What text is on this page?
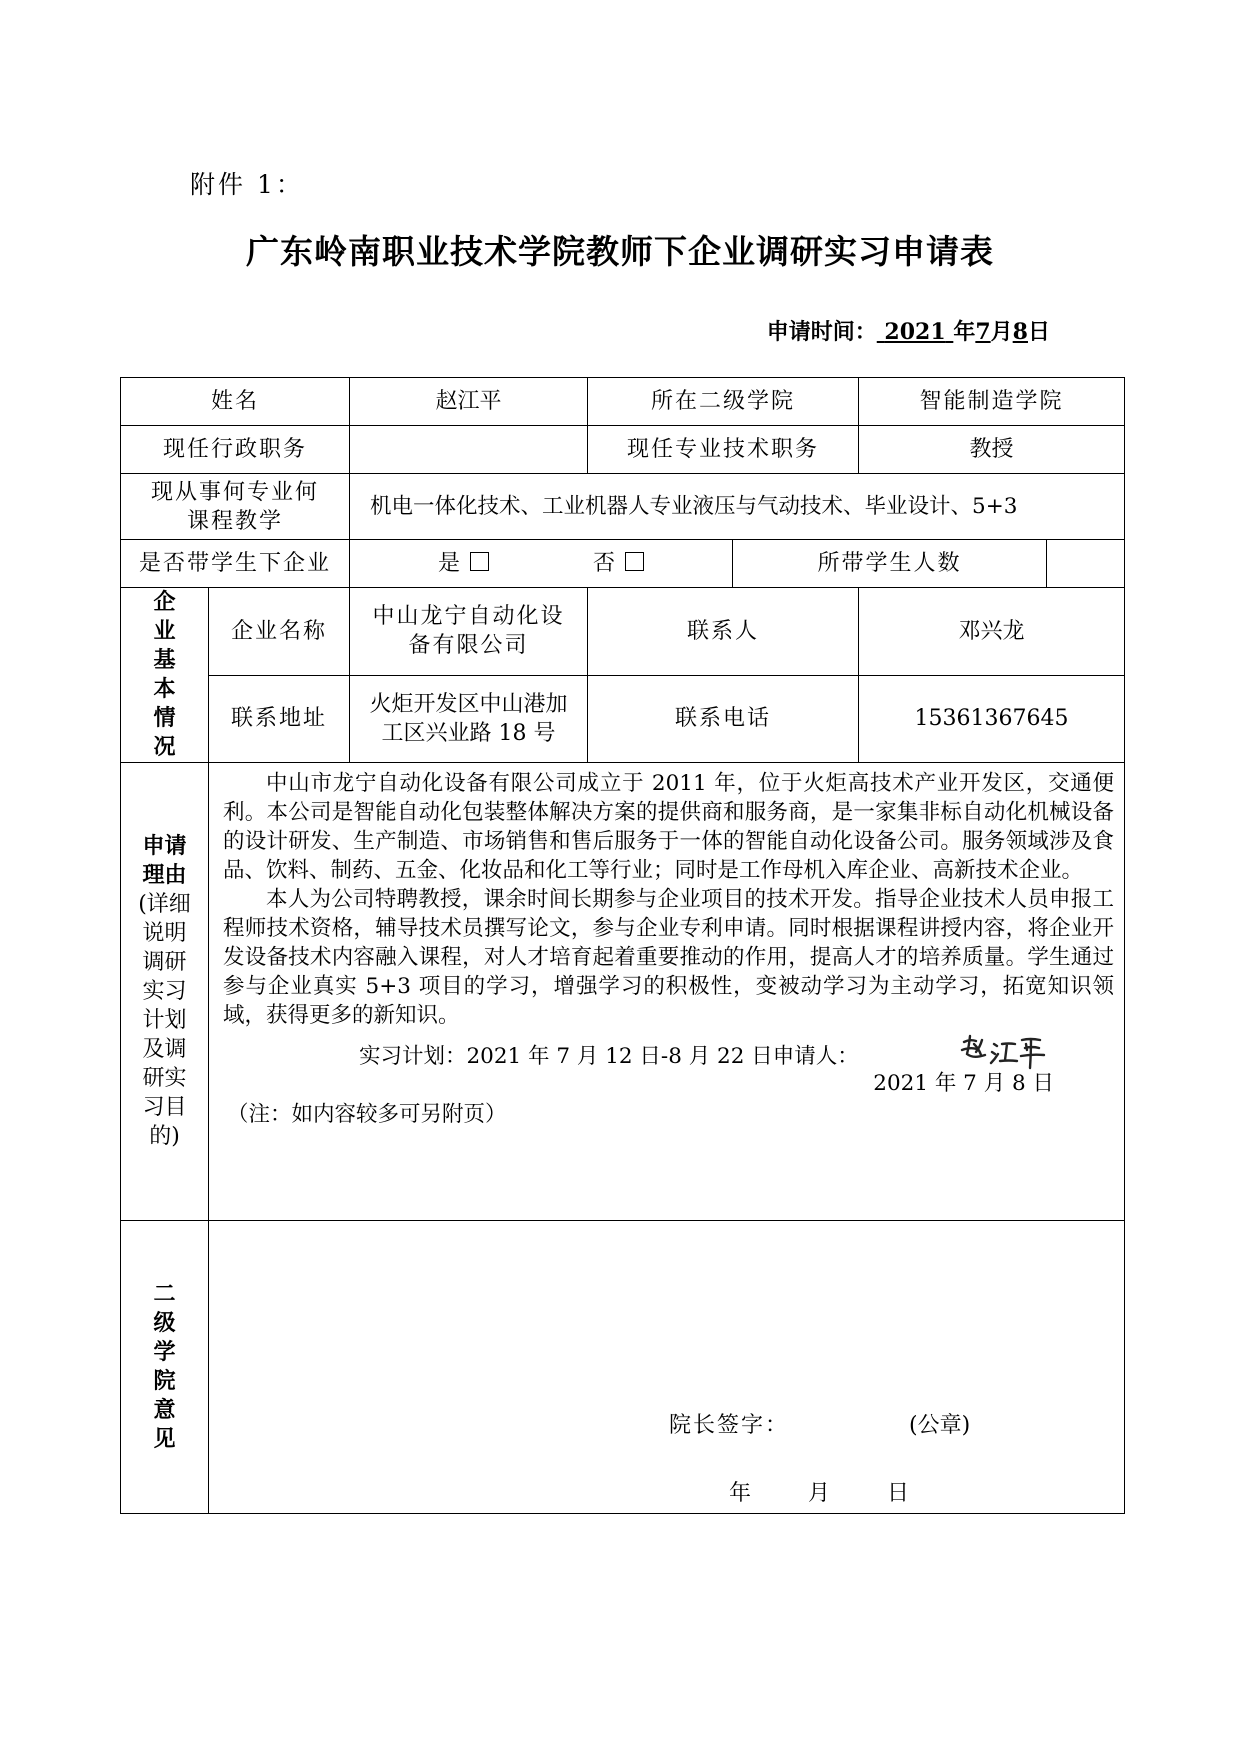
附件 1：
广东岭南职业技术学院教师下企业调研实习申请表
申请时间： 2021 年7月8日
姓名		赵江平	所在二级学院		智能制造学院	
现任行政职务			现任专业技术职务		教授	
现从事何专业何课程教学		机电一体化技术、工业机器人专业液压与气动技术、毕业设计、5+3				
是否带学生下企业		是 否		所带学生人数		
企业基本情况	企业名称	中山龙宁自动化设备有限公司	联系人		邓兴龙	
	联系地址	火炬开发区中山港加工区兴业路 18 号	联系电话		15361367645	
申请理由(详细说明调研实习计划及调研实习目的)	中山市龙宁自动化设备有限公司成立于 2011 年，位于火炬高技术产业开发区，交通便利。本公司是智能自动化包装整体解决方案的提供商和服务商，是一家集非标自动化机械设备的设计研发、生产制造、市场销售和售后服务于一体的智能自动化设备公司。服务领域涉及食品、饮料、制药、五金、化妆品和化工等行业；同时是工作母机入库企业、高新技术企业。

本人为公司特聘教授，课余时间长期参与企业项目的技术开发。指导企业技术人员申报工程师技术资格，辅导技术员撰写论文，参与企业专利申请。同时根据课程讲授内容，将企业开发设备技术内容融入课程，对人才培育起着重要推动的作用，提高人才的培养质量。学生通过参与企业真实 5+3 项目的学习，增强学习的积极性，变被动学习为主动学习，拓宽知识领域，获得更多的新知识。

实习计划：2021 年 7 月 12 日-8 月 22 日申请人：
2021 年 7 月 8 日
（注：如内容较多可另附页）					

二级学院意见	院长签字： (公章)
年 月 日					
